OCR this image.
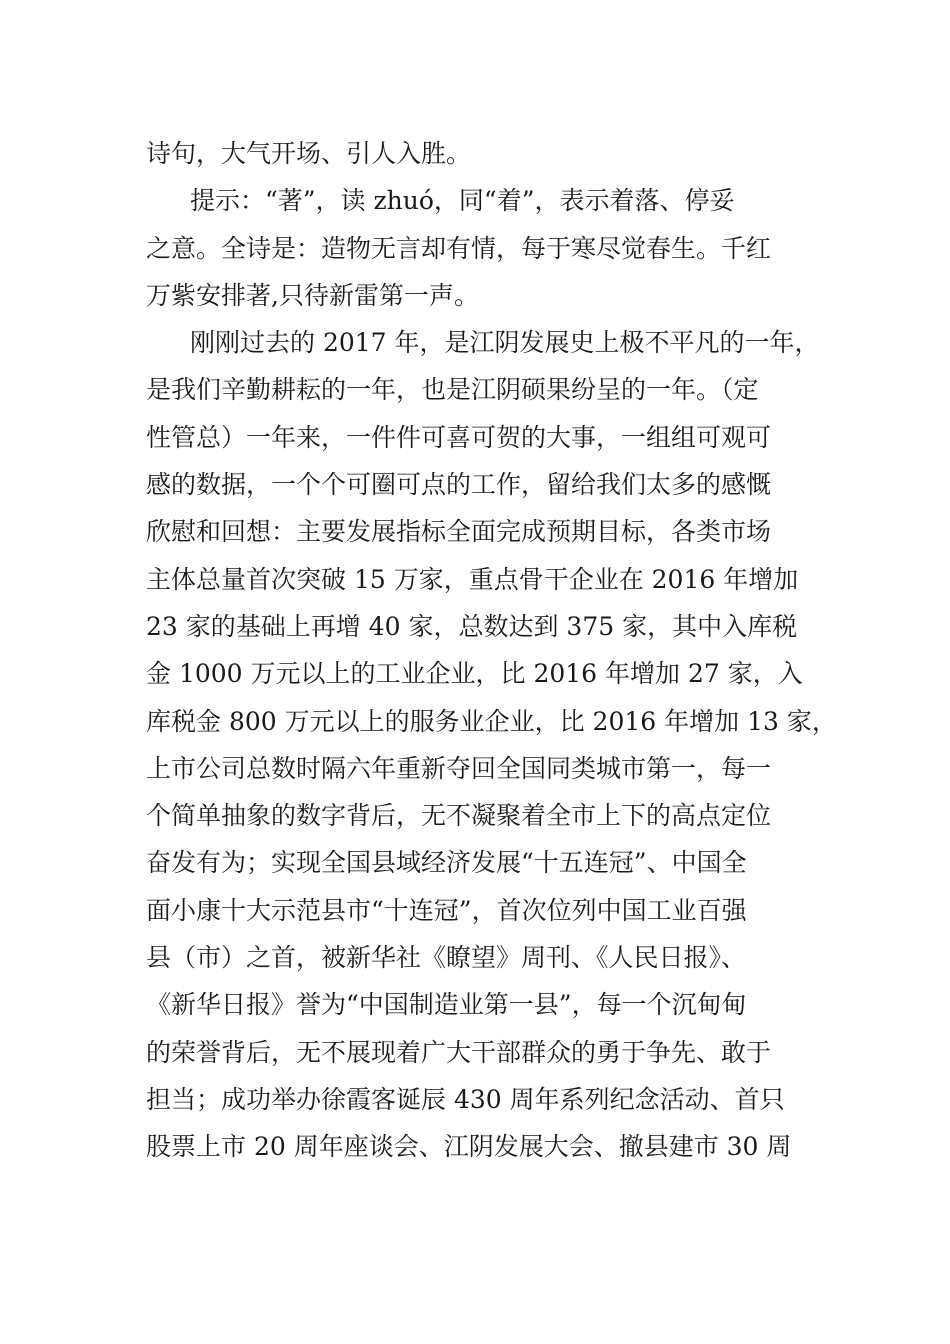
诗句，大气开场、引人入胜。
提示：“著”，读 zhuó，同“着”，表示着落、停妥
之意。全诗是：造物无言却有情，每于寒尽觉春生。千红
万紫安排著,只待新雷第一声。
刚刚过去的 2017 年，是江阴发展史上极不平凡的一年，
是我们辛勤耕耘的一年，也是江阴硕果纷呈的一年。（定
性管总）一年来，一件件可喜可贺的大事，一组组可观可
感的数据，一个个可圈可点的工作，留给我们太多的感慨
欣慰和回想：主要发展指标全面完成预期目标，各类市场
主体总量首次突破 15 万家，重点骨干企业在 2016 年增加
23 家的基础上再增 40 家，总数达到 375 家，其中入库税
金 1000 万元以上的工业企业，比 2016 年增加 27 家，入
库税金 800 万元以上的服务业企业，比 2016 年增加 13 家，
上市公司总数时隔六年重新夺回全国同类城市第一，每一
个简单抽象的数字背后，无不凝聚着全市上下的高点定位
奋发有为；实现全国县域经济发展“十五连冠”、中国全
面小康十大示范县市“十连冠”，首次位列中国工业百强
县（市）之首，被新华社《瞭望》周刊、《人民日报》、
《新华日报》誉为“中国制造业第一县”，每一个沉甸甸
的荣誉背后，无不展现着广大干部群众的勇于争先、敢于
担当；成功举办徐霞客诞辰 430 周年系列纪念活动、首只
股票上市 20 周年座谈会、江阴发展大会、撤县建市 30 周
